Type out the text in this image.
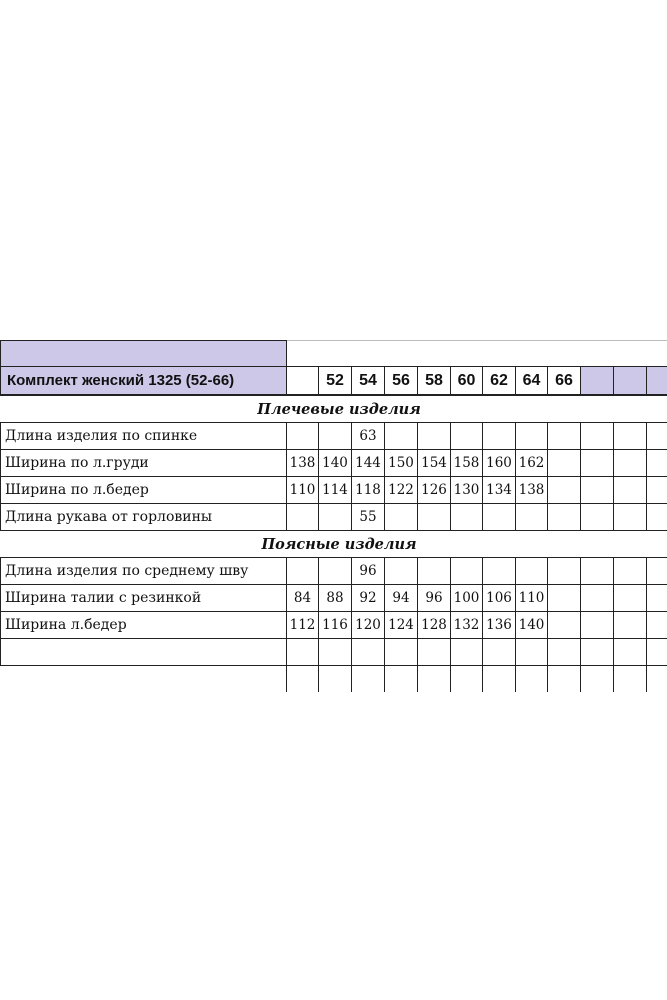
Комплект женский 1325 (52-66)		52	54	56	58	60	62	64	66			
Плечевые изделия												
Длина изделия по спинке			63									
Ширина по л.груди	138	140	144	150	154	158	160	162				
Ширина по л.бедер	110	114	118	122	126	130	134	138				
Длина рукава от горловины			55									
Поясные изделия												
Длина изделия по среднему шву			96									
Ширина талии с резинкой	84	88	92	94	96	100	106	110				
Ширина л.бедер	112	116	120	124	128	132	136	140				
